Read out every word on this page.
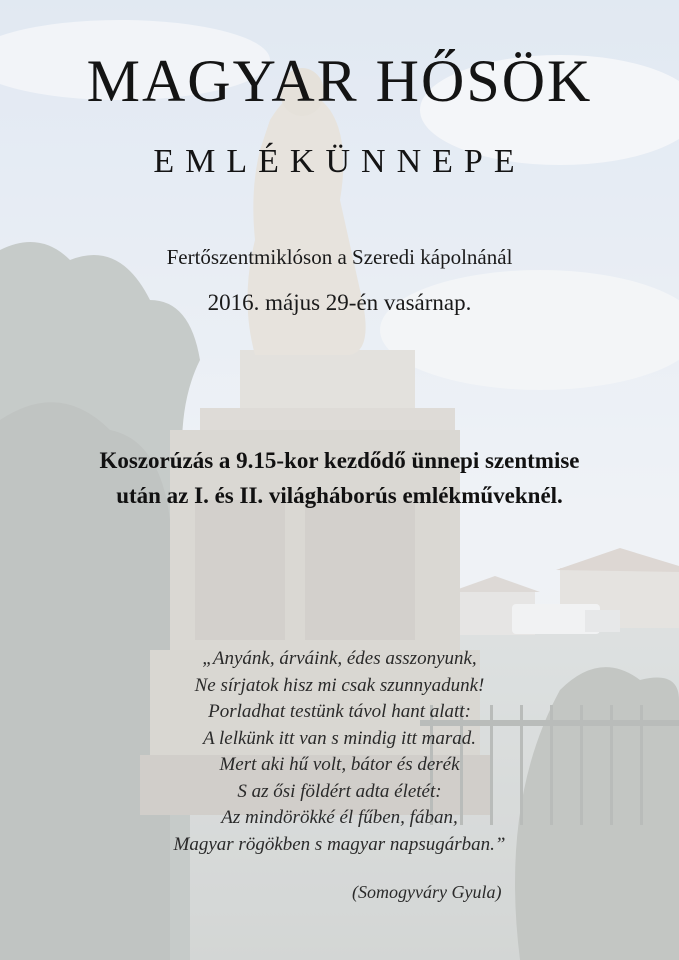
MAGYAR HŐSÖK
EMLÉKÜNNEPE
Fertőszentmiklóson a Szeredi kápolnánál
2016. május 29-én vasárnap.
Koszorúzás a 9.15-kor kezdődő ünnepi szentmise
után az I. és II. világháborús emlékműveknél.
„Anyánk, árváink, édes asszonyunk,
Ne sírjatok hisz mi csak szunnyadunk!
Porladhat testünk távol hant alatt:
A lelkünk itt van s mindig itt marad.
Mert aki hű volt, bátor és derék
S az ősi földért adta életét:
Az mindörökké él fűben, fában,
Magyar rögökben s magyar napsugárban.”
(Somogyváry Gyula)
